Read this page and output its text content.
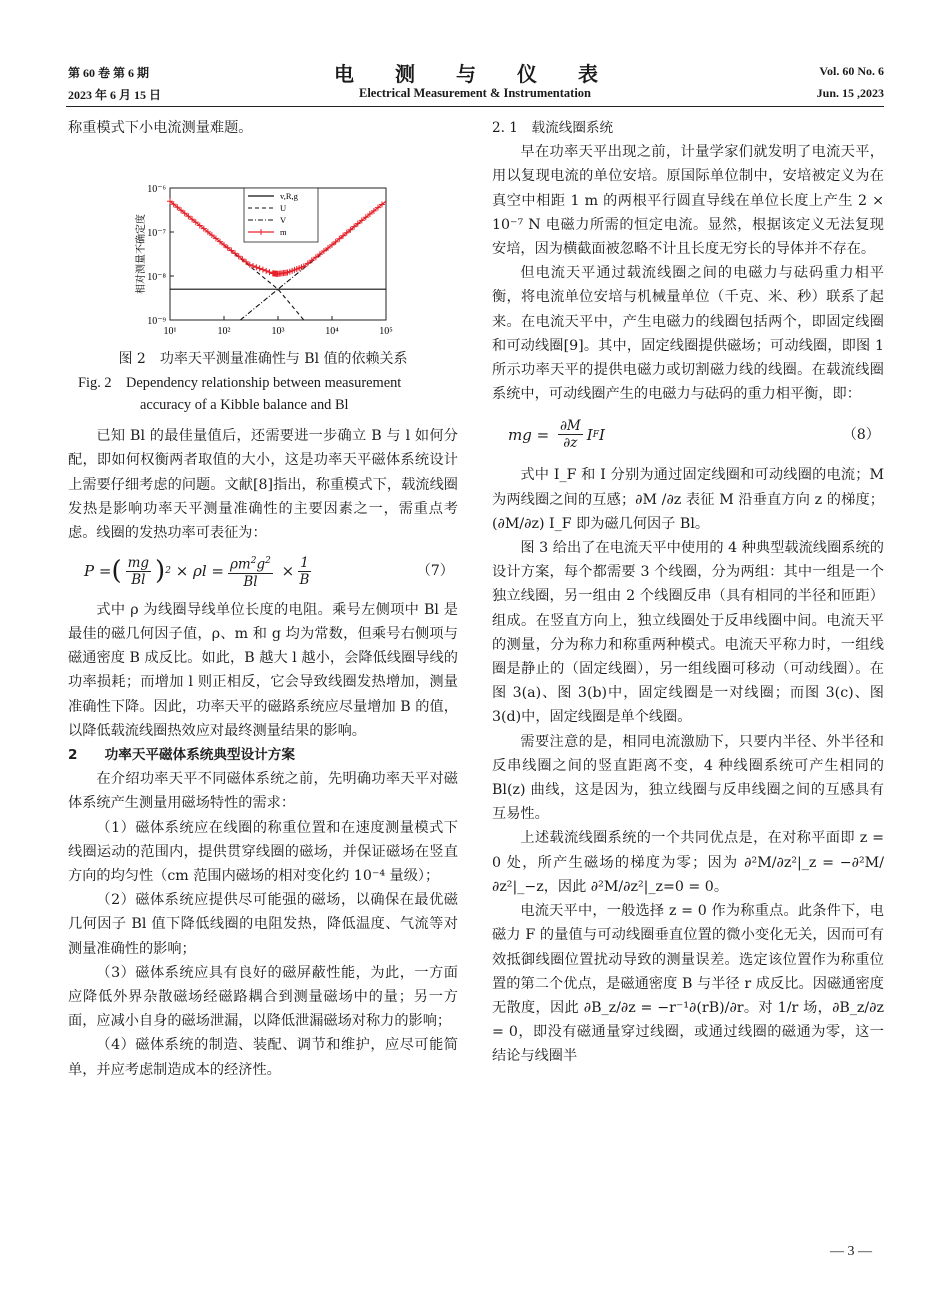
第 60 卷 第 6 期
2023 年 6 月 15 日
电 测 与 仪 表
Electrical Measurement & Instrumentation
Vol. 60 No. 6
Jun. 15 ,2023

称重模式下小电流测量难题。

10¹	10²	10³	10⁴	10⁵
10⁻⁶
10⁻⁷
10⁻⁸
10⁻⁹
相对测量不确定度
v,R,g
U
V
m
图 2　功率天平测量准确性与 Bl 值的依赖关系
Fig. 2　Dependency relationship between measurement
accuracy of a Kibble balance and Bl

已知 Bl 的最佳量值后，还需要进一步确立 B 与 l 如何分配，即如何权衡两者取值的大小，这是功率天平磁体系统设计上需要仔细考虑的问题。文献[8]指出，称重模式下，载流线圈发热是影响功率天平测量准确性的主要因素之一，需重点考虑。线圈的发热功率可表征为：

P = ( $\frac{mg}{Bl}$ ) $2 \times \rho l = \frac{\rho m^2g^2}{Bl} \times \frac{1}{B}$	（7）

式中 ρ 为线圈导线单位长度的电阻。乘号左侧项中 Bl 是最佳的磁几何因子值，ρ、m 和 g 均为常数，但乘号右侧项与磁通密度 B 成反比。如此，B 越大 l 越小，会降低线圈导线的功率损耗；而增加 l 则正相反，它会导致线圈发热增加，测量准确性下降。因此，功率天平的磁路系统应尽量增加 B 的值，以降低载流线圈热效应对最终测量结果的影响。

2　　功率天平磁体系统典型设计方案

在介绍功率天平不同磁体系统之前，先明确功率天平对磁体系统产生测量用磁场特性的需求：

（1）磁体系统应在线圈的称重位置和在速度测量模式下线圈运动的范围内，提供贯穿线圈的磁场，并保证磁场在竖直方向的均匀性（cm 范围内磁场的相对变化约 10⁻⁴ 量级）；

（2）磁体系统应提供尽可能强的磁场，以确保在最优磁几何因子 Bl 值下降低线圈的电阻发热，降低温度、气流等对测量准确性的影响；

（3）磁体系统应具有良好的磁屏蔽性能，为此，一方面应降低外界杂散磁场经磁路耦合到测量磁场中的量；另一方面，应减小自身的磁场泄漏，以降低泄漏磁场对称力的影响；

（4）磁体系统的制造、装配、调节和维护，应尽可能简单，并应考虑制造成本的经济性。

2. 1　载流线圈系统

早在功率天平出现之前，计量学家们就发明了电流天平，用以复现电流的单位安培。原国际单位制中，安培被定义为在真空中相距 1 m 的两根平行圆直导线在单位长度上产生 2 × 10⁻⁷ N 电磁力所需的恒定电流。显然，根据该定义无法复现安培，因为横截面被忽略不计且长度无穷长的导体并不存在。

但电流天平通过载流线圈之间的电磁力与砝码重力相平衡，将电流单位安培与机械量单位（千克、米、秒）联系了起来。在电流天平中，产生电磁力的线圈包括两个，即固定线圈和可动线圈[9]。其中，固定线圈提供磁场；可动线圈，即图 1 所示功率天平的提供电磁力或切割磁力线的线圈。在载流线圈系统中，可动线圈产生的电磁力与砝码的重力相平衡，即：

mg = $\frac{\partial M}{\partial z}$ I F I	（8）

式中 I_F 和 I 分别为通过固定线圈和可动线圈的电流；M 为两线圈之间的互感；∂M /∂z 表征 M 沿垂直方向 z 的梯度；(∂M/∂z) I_F 即为磁几何因子 Bl。

图 3 给出了在电流天平中使用的 4 种典型载流线圈系统的设计方案，每个都需要 3 个线圈，分为两组：其中一组是一个独立线圈，另一组由 2 个线圈反串（具有相同的半径和匝距）组成。在竖直方向上，独立线圈处于反串线圈中间。电流天平的测量，分为称力和称重两种模式。电流天平称力时，一组线圈是静止的（固定线圈），另一组线圈可移动（可动线圈）。在图 3(a)、图 3(b)中，固定线圈是一对线圈；而图 3(c)、图 3(d)中，固定线圈是单个线圈。

需要注意的是，相同电流激励下，只要内半径、外半径和反串线圈之间的竖直距离不变，4 种线圈系统可产生相同的 Bl(z) 曲线，这是因为，独立线圈与反串线圈之间的互感具有互易性。

上述载流线圈系统的一个共同优点是，在对称平面即 z = 0 处，所产生磁场的梯度为零；因为 ∂²M/∂z²|_z = −∂²M/∂z²|_−z，因此 ∂²M/∂z²|_z=0 = 0。

电流天平中，一般选择 z = 0 作为称重点。此条件下，电磁力 F 的量值与可动线圈垂直位置的微小变化无关，因而可有效抵御线圈位置扰动导致的测量误差。选定该位置作为称重位置的第二个优点，是磁通密度 B 与半径 r 成反比。因磁通密度无散度，因此 ∂B_z/∂z = −r⁻¹∂(rB)/∂r。对 1/r 场，∂B_z/∂z = 0，即没有磁通量穿过线圈，或通过线圈的磁通为零，这一结论与线圈半

— 3 —
